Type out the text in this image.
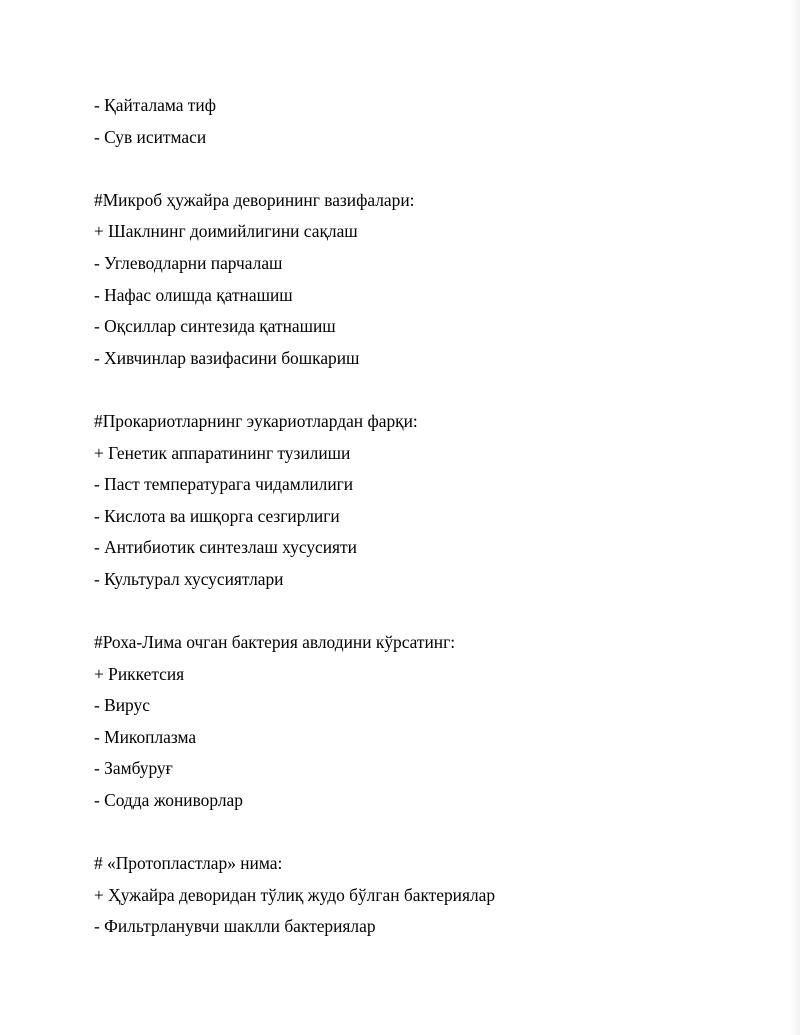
- Қайталама тиф
- Сув иситмаси
#Микроб ҳужайра деворининг вазифалари:
+ Шаклнинг доимийлигини сақлаш
- Углеводларни парчалаш
- Нафас олишда қатнашиш
- Оқсиллар синтезида қатнашиш
- Хивчинлар вазифасини бошкариш
#Прокариотларнинг эукариотлардан фарқи:
+ Генетик аппаратининг тузилиши
- Паст температурага чидамлилиги
- Кислота ва ишқорга сезгирлиги
- Антибиотик синтезлаш хусусияти
- Культурал хусусиятлари
#Роха-Лима очган бактерия авлодини кўрсатинг:
+ Риккетсия
- Вирус
- Микоплазма
- Замбуруғ
- Содда жониворлар
# «Протопластлар» нима:
+ Ҳужайра деворидан тўлиқ жудо бўлган бактериялар
- Фильтрланувчи шаклли бактериялар
